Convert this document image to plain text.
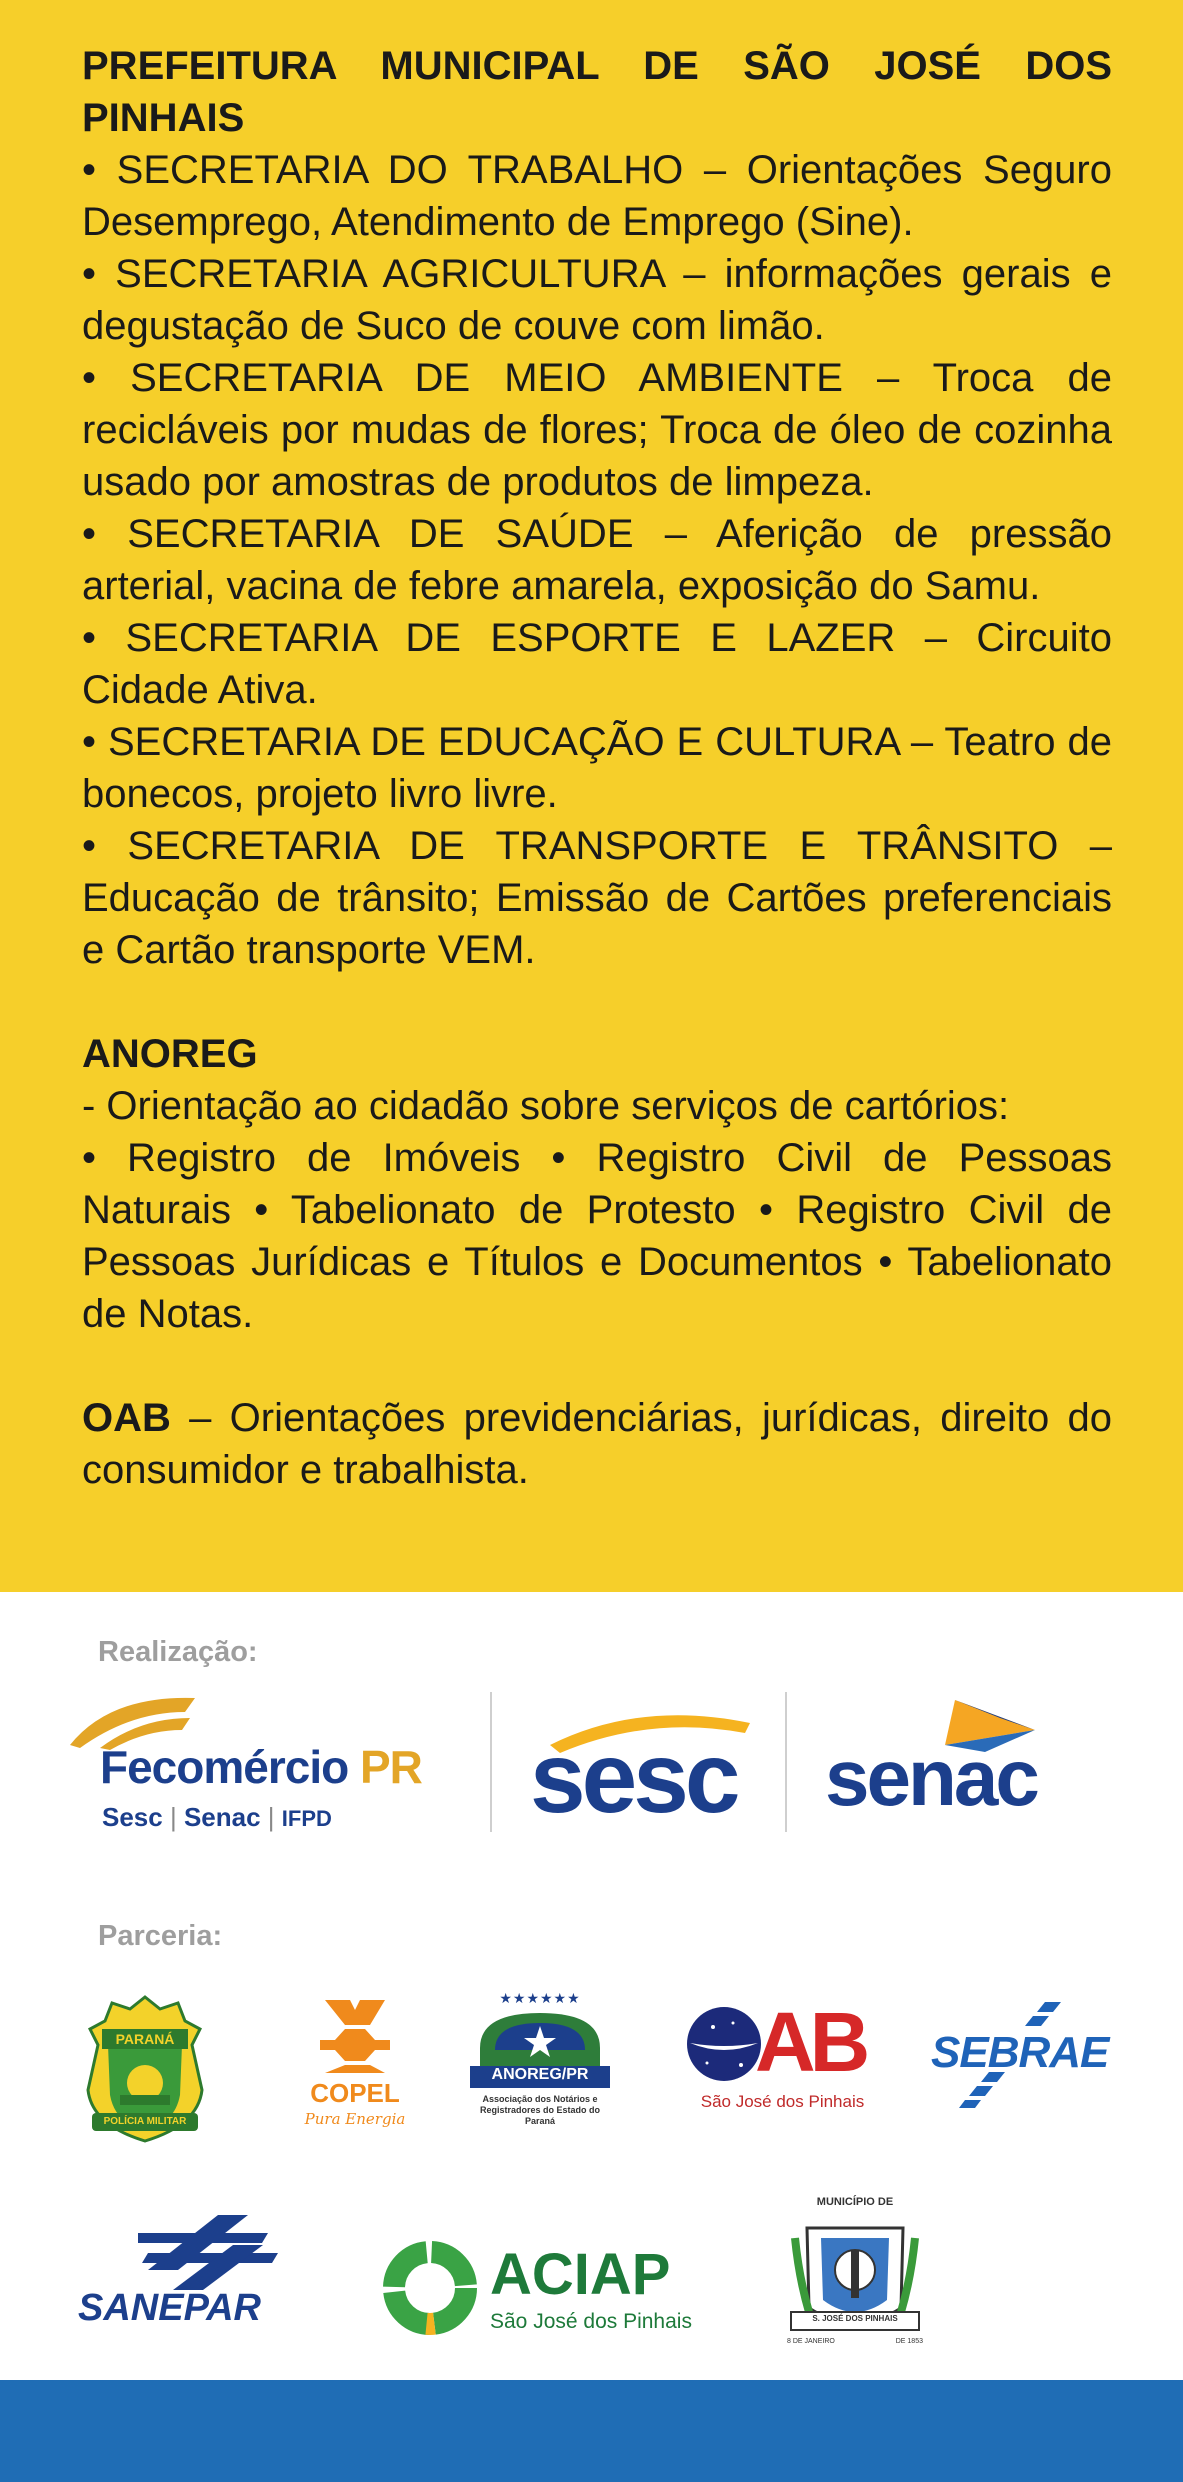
PREFEITURA MUNICIPAL DE SÃO JOSÉ DOS PINHAIS

• SECRETARIA DO TRABALHO – Orientações Seguro Desemprego, Atendimento de Emprego (Sine).

• SECRETARIA AGRICULTURA – informações gerais e degustação de Suco de couve com limão.

• SECRETARIA DE MEIO AMBIENTE – Troca de recicláveis por mudas de flores; Troca de óleo de cozinha usado por amostras de produtos de limpeza.

• SECRETARIA DE SAÚDE – Aferição de pressão arterial, vacina de febre amarela, exposição do Samu.

• SECRETARIA DE ESPORTE E LAZER – Circuito Cidade Ativa.

• SECRETARIA DE EDUCAÇÃO E CULTURA – Teatro de bonecos, projeto livro livre.

• SECRETARIA DE TRANSPORTE E TRÂNSITO – Educação de trânsito; Emissão de Cartões preferenciais e Cartão transporte VEM.

ANOREG

- Orientação ao cidadão sobre serviços de cartórios:

• Registro de Imóveis • Registro Civil de Pessoas Naturais • Tabelionato de Protesto • Registro Civil de Pessoas Jurídicas e Títulos e Documentos • Tabelionato de Notas.

OAB – Orientações previdenciárias, jurídicas, direito do consumidor e trabalhista.

Realização:
Fecomércio PR
Sesc | Senac | IFPD sesc senac
Parceria:
PARANÁ
POLÍCIA MILITAR
COPEL
Pura Energia
★★★★★★
ANOREG/PR
Associação dos Notários e Registradores do Estado do Paraná
AB
São José dos Pinhais
SEBRAE
SANEPAR
ACIAP
São José dos Pinhais
MUNICÍPIO DE
S. JOSÉ DOS PINHAIS
8 DE JANEIRO	DE 1853
